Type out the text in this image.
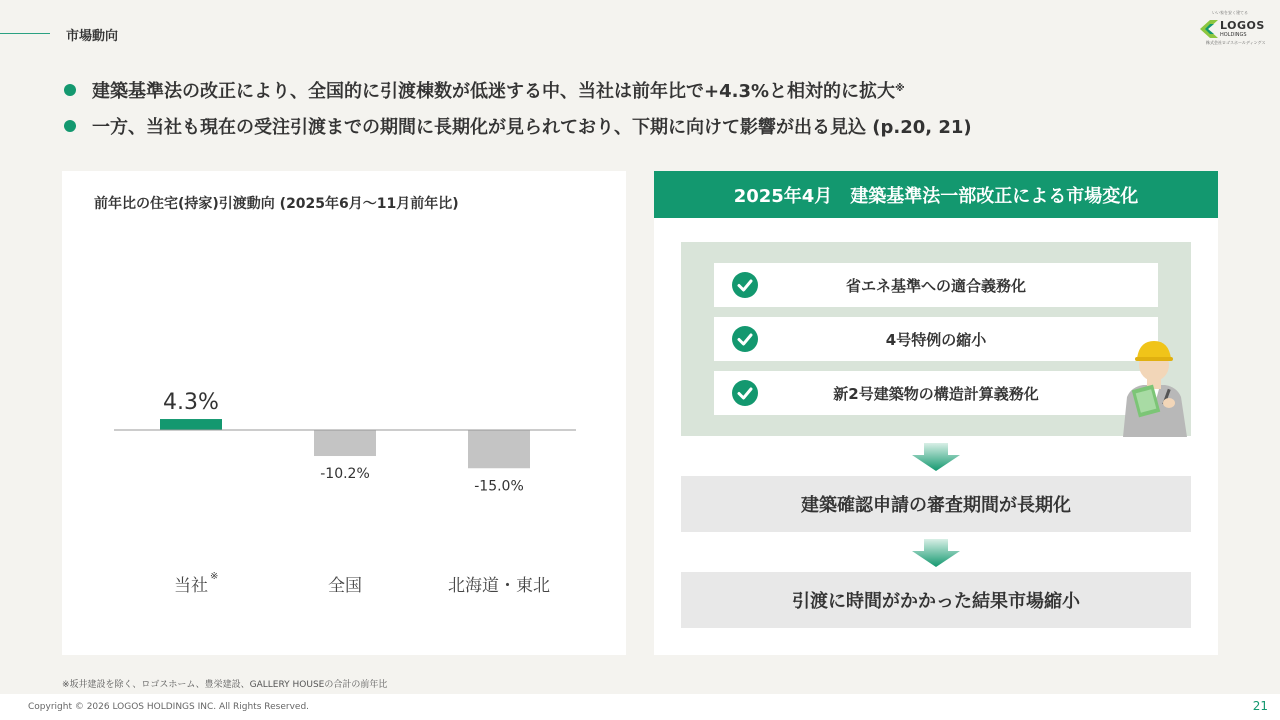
市場動向
いい家を安く建てる
LOGOS
HOLDINGS
株式会社ロゴスホールディングス
建築基準法の改正により、全国的に引渡棟数が低迷する中、当社は前年比で+4.3%と相対的に拡大※
一方、当社も現在の受注引渡までの期間に長期化が見られており、下期に向けて影響が出る見込 (p.20, 21)
前年比の住宅(持家)引渡動向 (2025年6月～11月前年比)
4.3%
当社 ※
-10.2%
全国
-15.0%
北海道・東北
2025年4月　建築基準法一部改正による市場変化
省エネ基準への適合義務化
4号特例の縮小
新2号建築物の構造計算義務化
建築確認申請の審査期間が長期化
引渡に時間がかかった結果市場縮小
※坂井建設を除く、ロゴスホーム、豊栄建設、GALLERY HOUSEの合計の前年比
Copyright © 2026 LOGOS HOLDINGS INC. All Rights Reserved.	21
